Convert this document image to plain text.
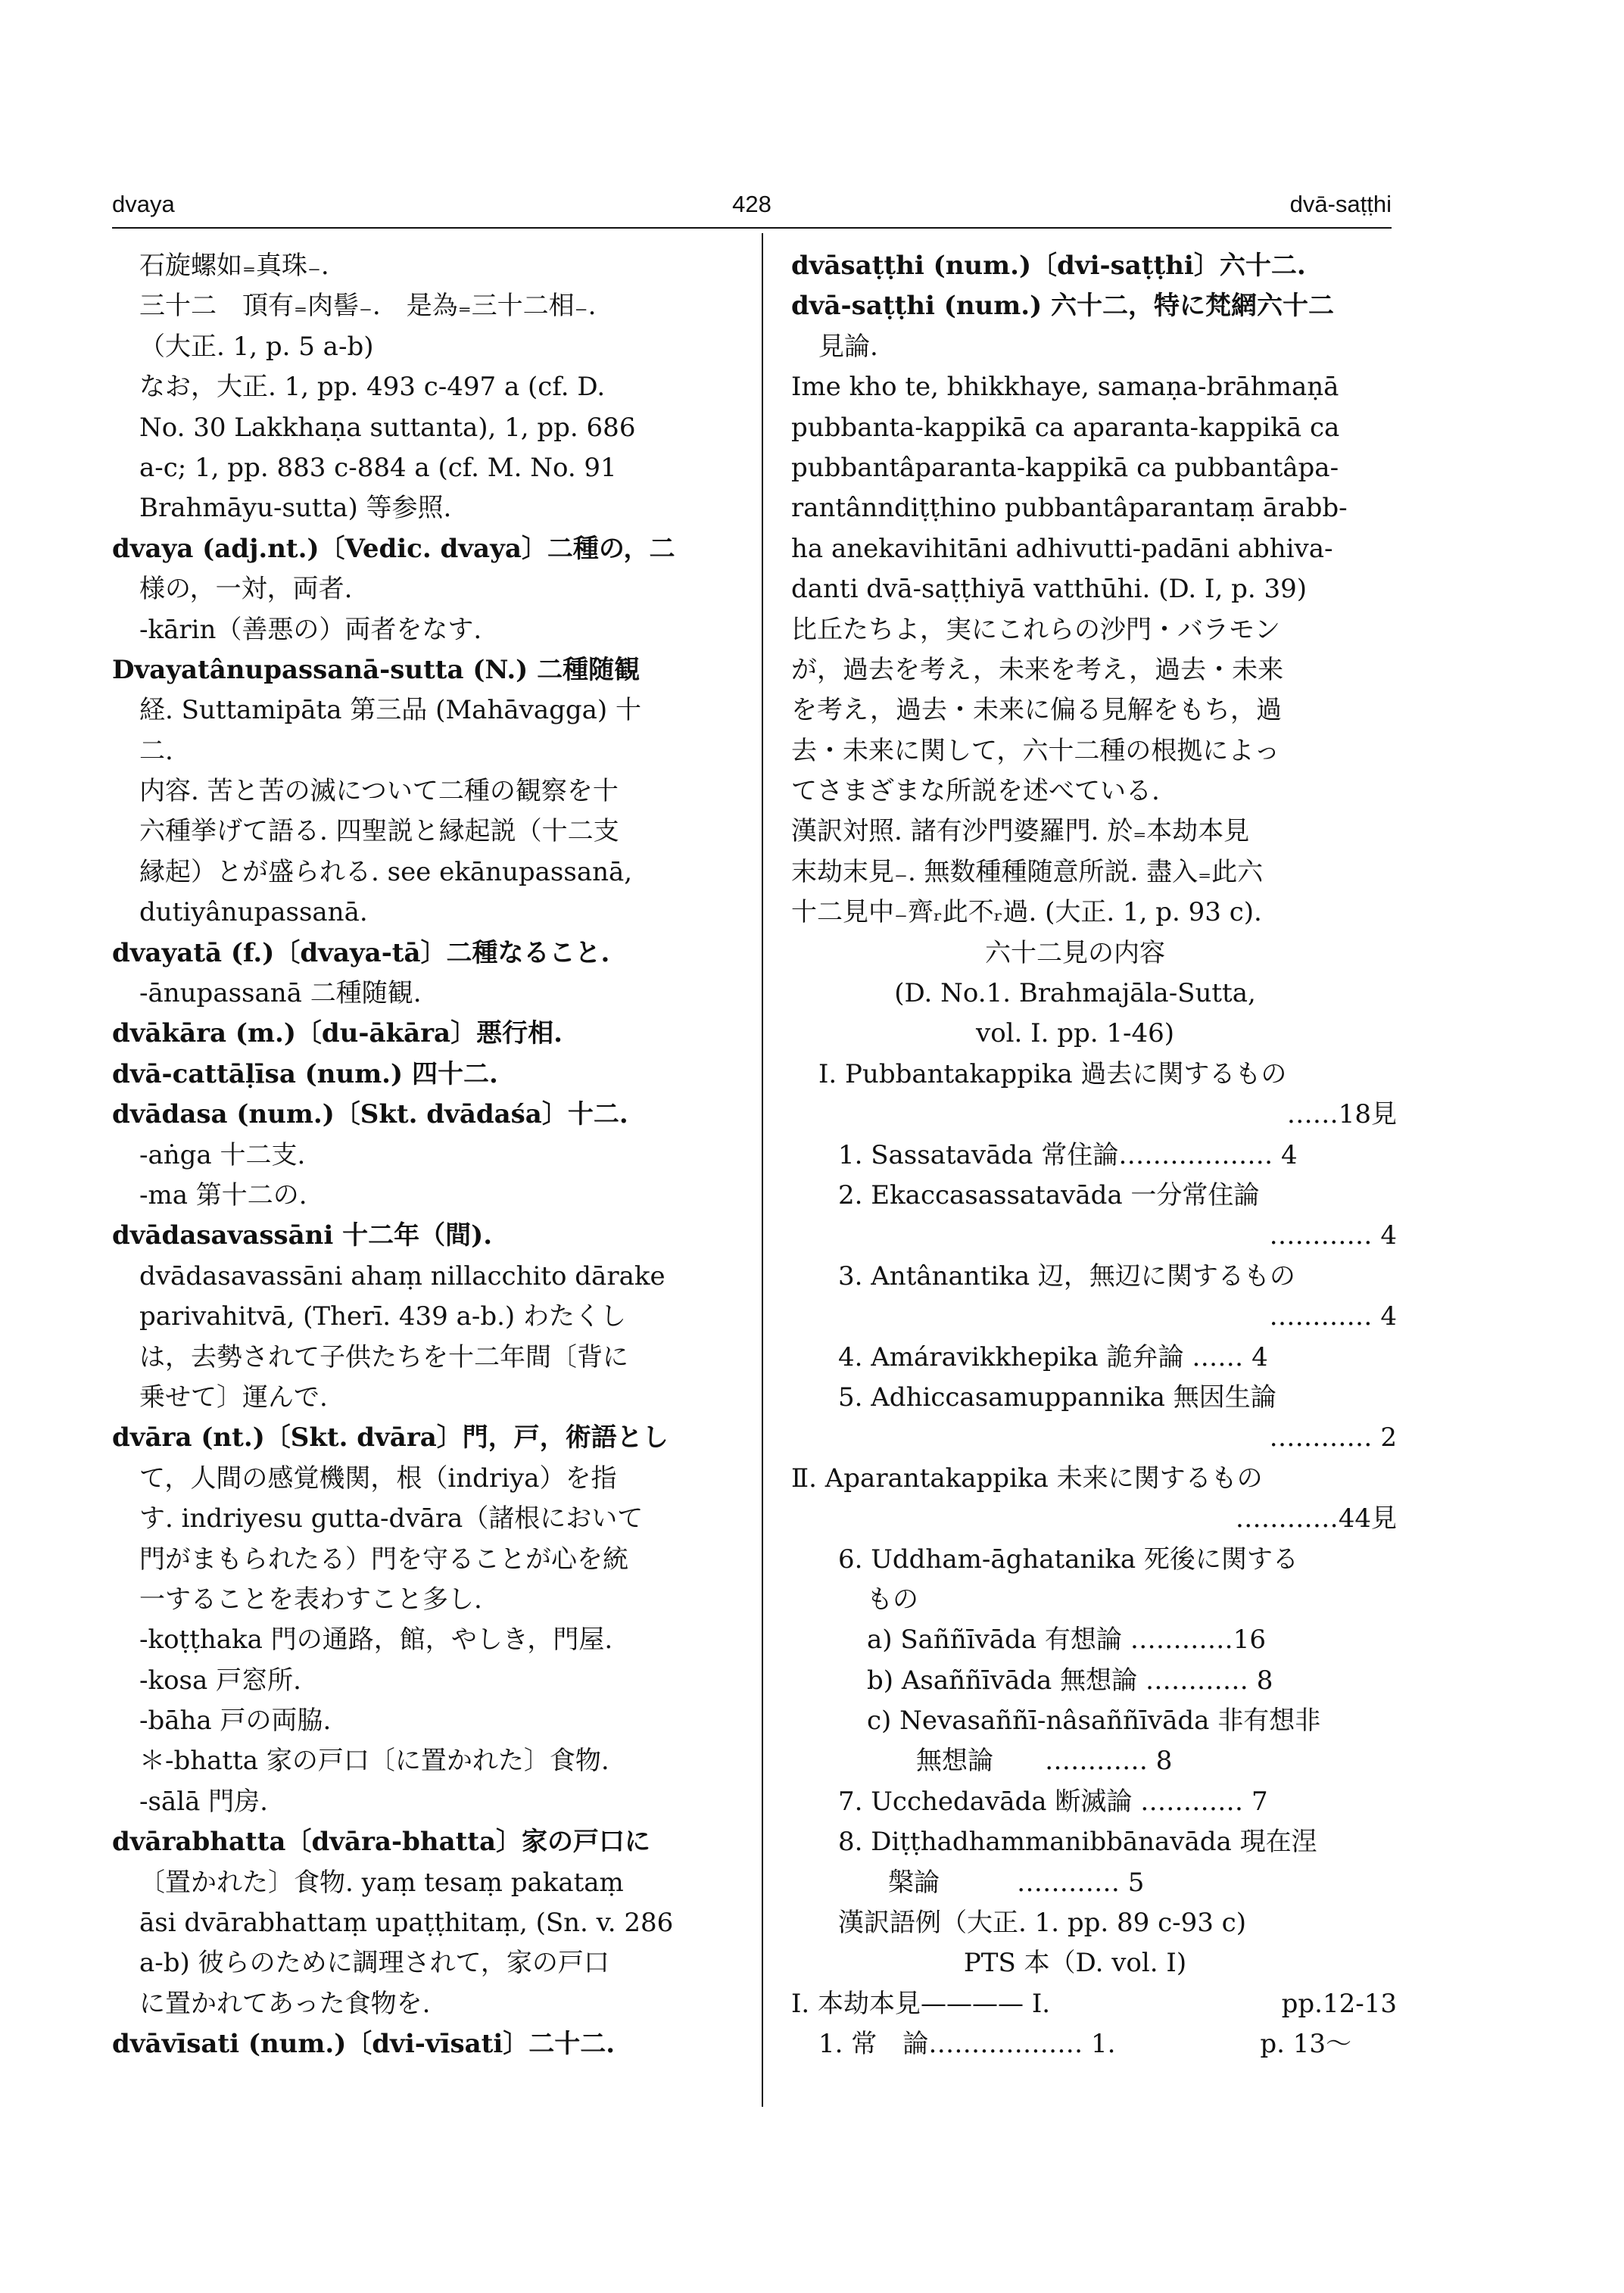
dvaya	428	dvā-saṭṭhi
石旋螺如₌真珠₋.
三十二　頂有₌肉髻₋.　是為₌三十二相₋.
（大正. 1, p. 5 a-b)
なお，大正. 1, pp. 493 c-497 a (cf. D.
No. 30 Lakkhaṇa suttanta), 1, pp. 686
a-c; 1, pp. 883 c-884 a (cf. M. No. 91
Brahmāyu-sutta) 等参照.
dvaya (adj.nt.)〔Vedic. dvaya〕二種の，二
様の，一対，両者.
-kārin（善悪の）両者をなす.
Dvayatânupassanā-sutta (N.) 二種随観
経. Suttamipāta 第三品 (Mahāvagga) 十
二.
内容. 苦と苦の滅について二種の観察を十
六種挙げて語る. 四聖説と縁起説（十二支
縁起）とが盛られる. see ekānupassanā,
dutiyânupassanā.
dvayatā (f.)〔dvaya-tā〕二種なること.
-ānupassanā 二種随観.
dvākāra (m.)〔du-ākāra〕悪行相.
dvā-cattāḷīsa (num.) 四十二.
dvādasa (num.)〔Skt. dvādaśa〕十二.
-aṅga 十二支.
-ma 第十二の.
dvādasavassāni 十二年（間).
dvādasavassāni ahaṃ nillacchito dārake
parivahitvā, (Therī. 439 a-b.) わたくし
は，去勢されて子供たちを十二年間〔背に
乗せて〕運んで.
dvāra (nt.)〔Skt. dvāra〕門，戸，術語とし
て，人間の感覚機関，根（indriya）を指
す. indriyesu gutta-dvāra（諸根において
門がまもられたる）門を守ることが心を統
一することを表わすこと多し.
-koṭṭhaka 門の通路，館，やしき，門屋.
-kosa 戸窓所.
-bāha 戸の両脇.
＊-bhatta 家の戸口〔に置かれた〕食物.
-sālā 門房.
dvārabhatta〔dvāra-bhatta〕家の戸口に
〔置かれた〕食物. yaṃ tesaṃ pakataṃ
āsi dvārabhattaṃ upaṭṭhitaṃ, (Sn. v. 286
a-b) 彼らのために調理されて，家の戸口
に置かれてあった食物を.
dvāvīsati (num.)〔dvi-vīsati〕二十二.
dvāsaṭṭhi (num.)〔dvi-saṭṭhi〕六十二.
dvā-saṭṭhi (num.) 六十二，特に梵網六十二
見論.
Ime kho te, bhikkhaye, samaṇa-brāhmaṇā
pubbanta-kappikā ca aparanta-kappikā ca
pubbantâparanta-kappikā ca pubbantâpa-
rantânndiṭṭhino pubbantâparantaṃ ārabb-
ha anekavihitāni adhivutti-padāni abhiva-
danti dvā-saṭṭhiyā vatthūhi. (D. I, p. 39)
比丘たちよ，実にこれらの沙門・バラモン
が，過去を考え，未来を考え，過去・未来
を考え，過去・未来に偏る見解をもち，過
去・未来に関して，六十二種の根拠によっ
てさまざまな所説を述べている.
漢訳対照. 諸有沙門婆羅門. 於₌本劫本見
末劫末見₋. 無数種種随意所説. 盡入₌此六
十二見中₋齊ᵣ此不ᵣ過. (大正. 1, p. 93 c).
六十二見の内容
(D. No.1. Brahmajāla-Sutta,
vol. I. pp. 1-46)
Ⅰ. Pubbantakappika 過去に関するもの
……18見
1. Sassatavāda 常住論……………… 4
2. Ekaccasassatavāda 一分常住論
………… 4
3. Antânantika 辺，無辺に関するもの
………… 4
4. Amáravikkhepika 詭弁論 …… 4
5. Adhiccasamuppannika 無因生論
………… 2
Ⅱ. Aparantakappika 未来に関するもの
…………44見
6. Uddham-āghatanika 死後に関する
もの
a) Saññīvāda 有想論 …………16
b) Asaññīvāda 無想論 ………… 8
c) Nevasaññī-nâsaññīvāda 非有想非
無想論　　………… 8
7. Ucchedavāda 断滅論 ………… 7
8. Diṭṭhadhammanibbānavāda 現在涅
槃論　　　………… 5
漢訳語例（大正. 1. pp. 89 c-93 c)
PTS 本（D. vol. I)
Ⅰ. 本劫本見———— Ⅰ.	pp.12-13
1. 常　論……………… 1.	p. 13～
